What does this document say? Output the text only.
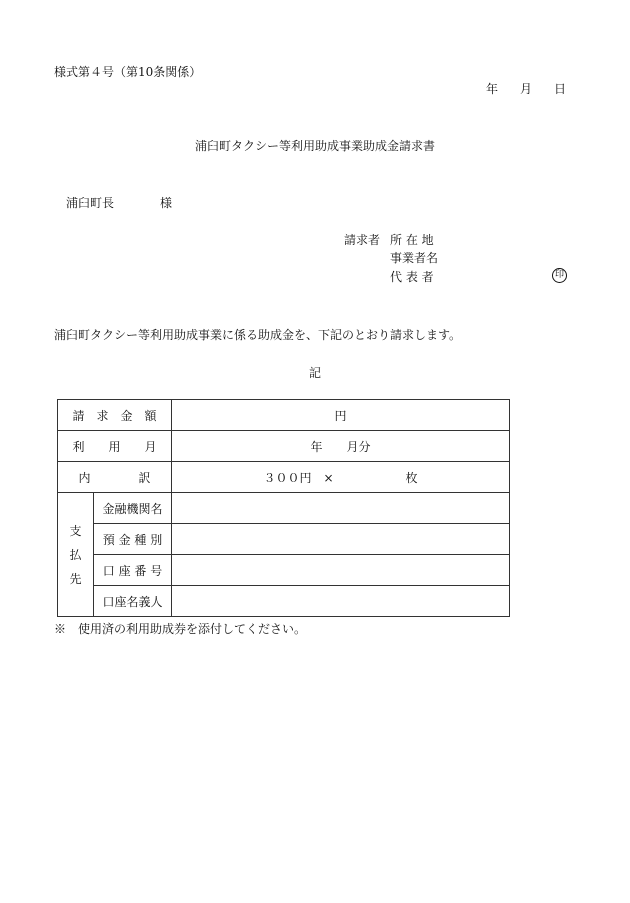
様式第４号（第10条関係）
年 月 日
浦臼町タクシー等利用助成事業助成金請求書
浦臼町長	様
請求者 所 在 地
事業者名
代 表 者	印
浦臼町タクシー等利用助成事業に係る助成金を、下記のとおり請求します。
記
請　求　金　額		円
利　　用　　月		年　　月分
内　　　　訳		３００円　×　　　　　　枚

支
払
先	金融機関名	
	預 金 種 別	
	口 座 番 号	
	口座名義人	
※　使用済の利用助成券を添付してください。
